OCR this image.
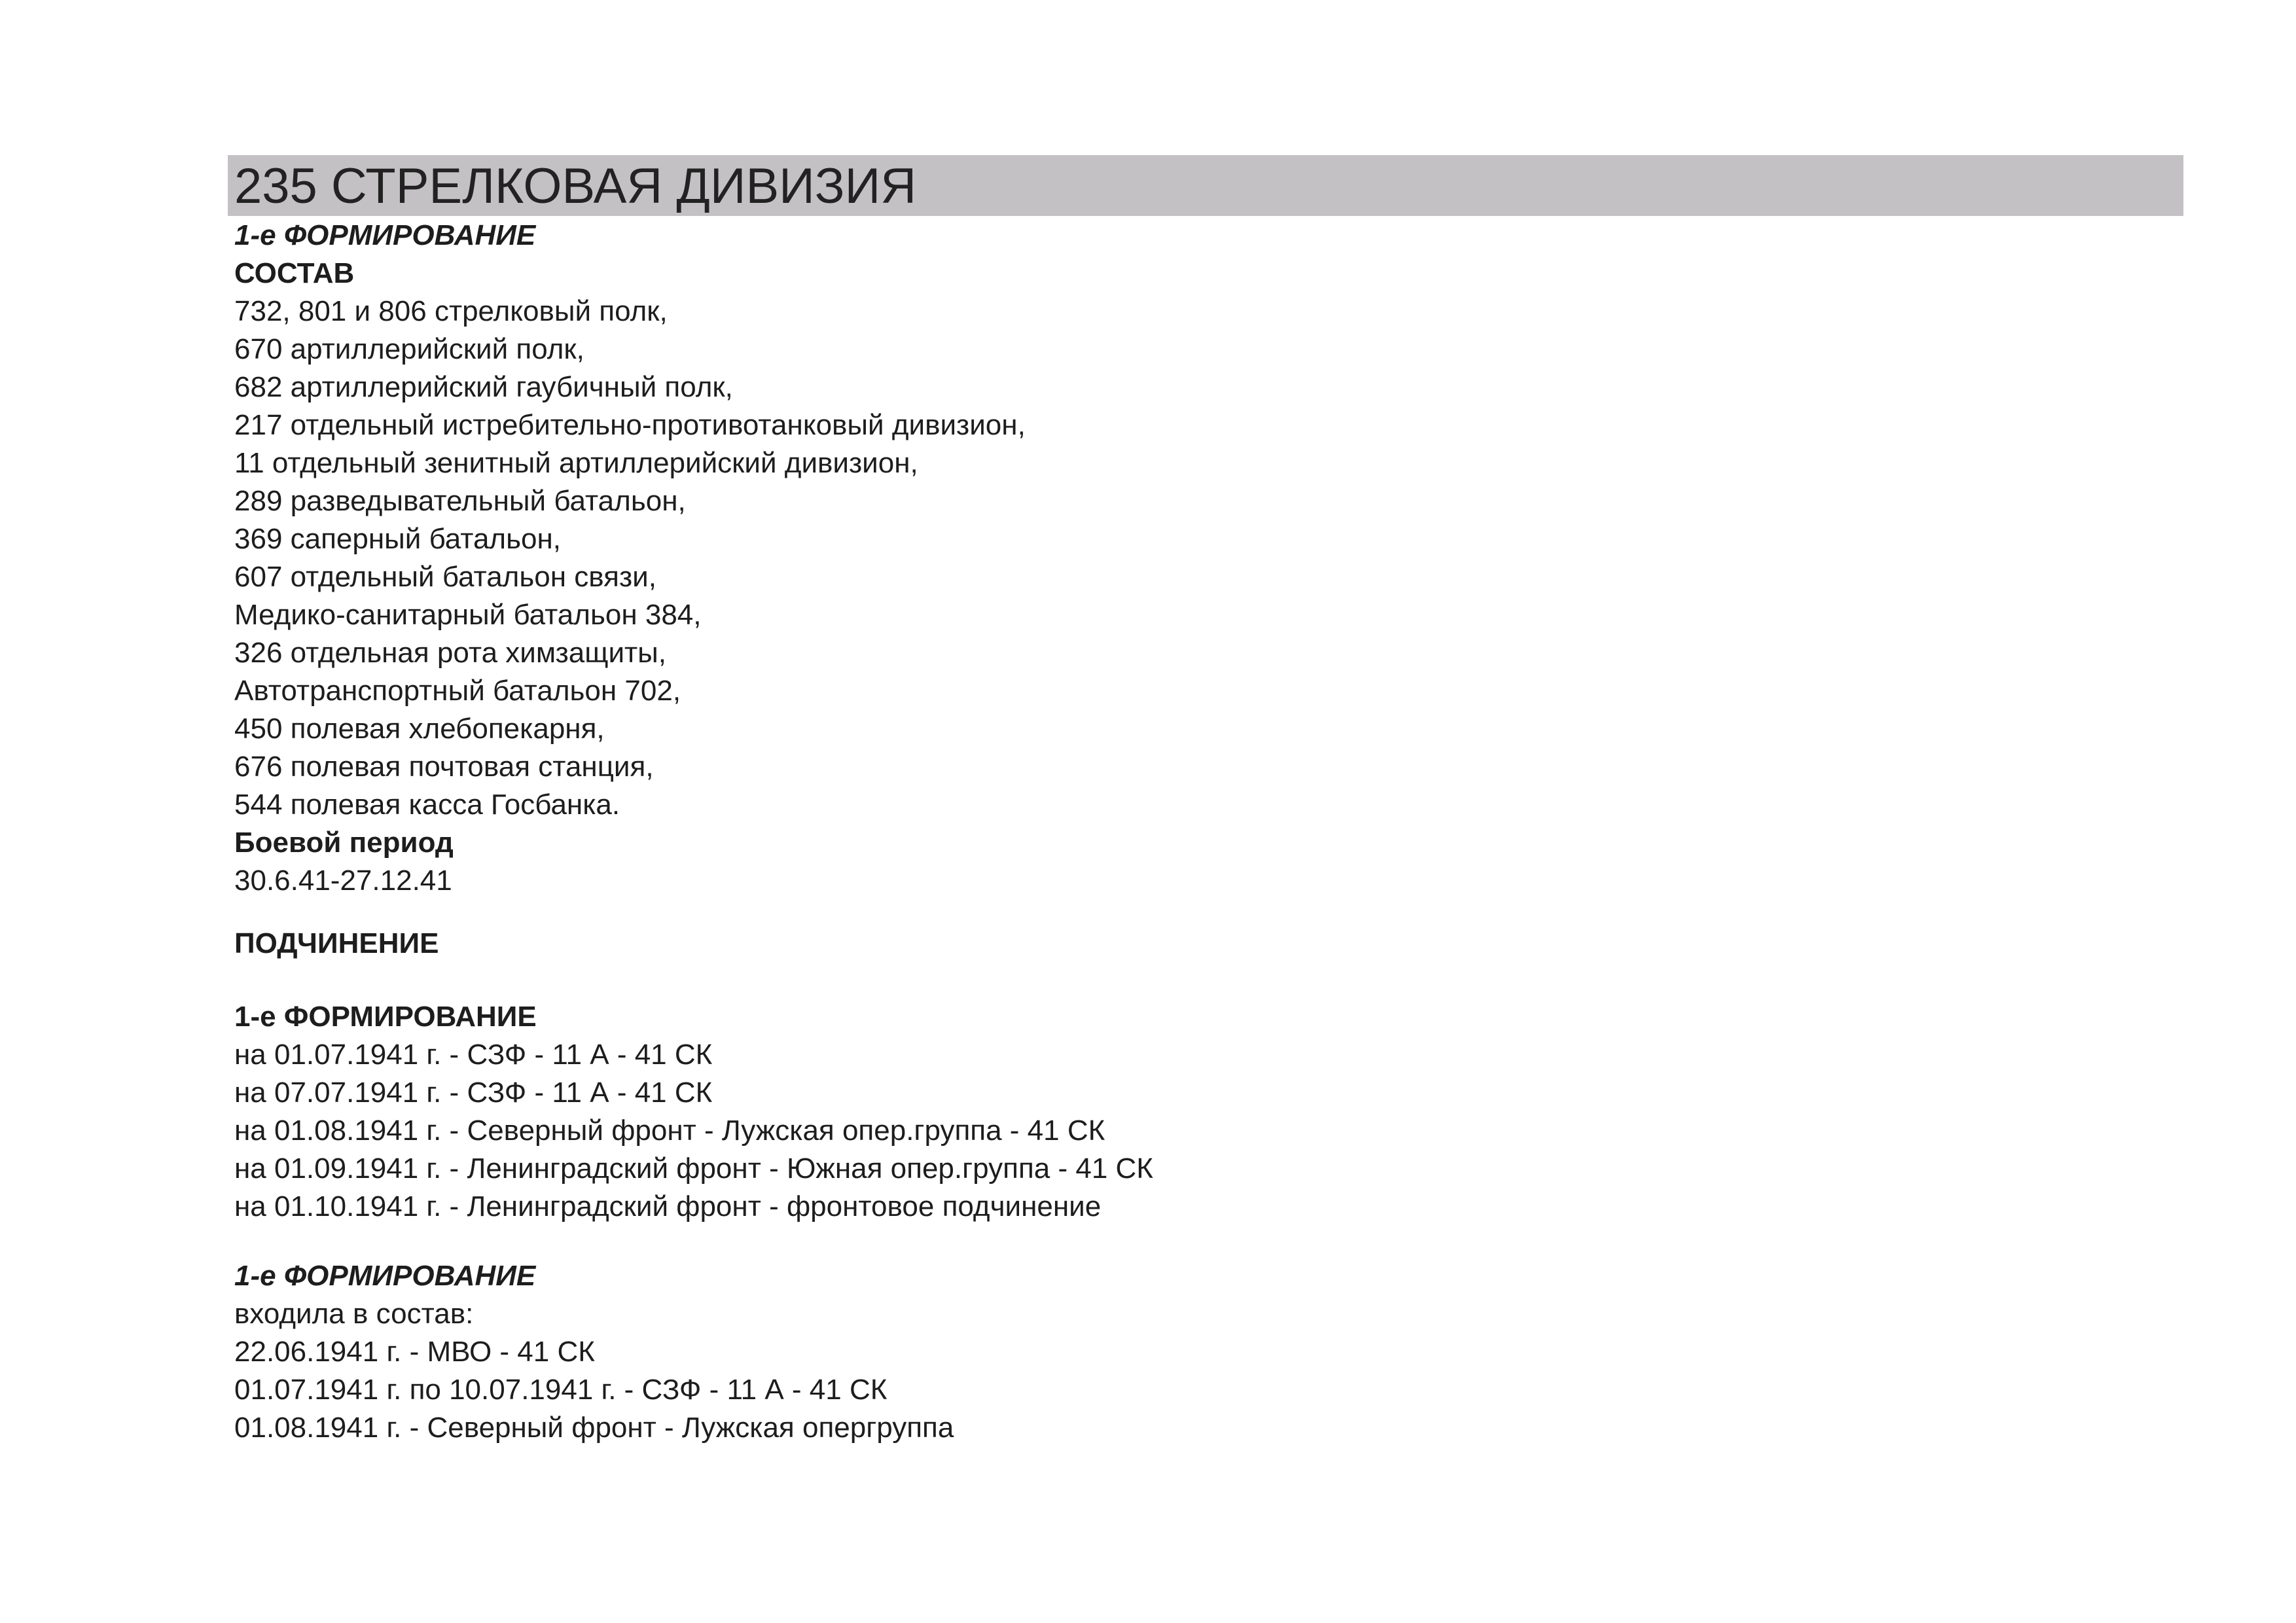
235 СТРЕЛКОВАЯ ДИВИЗИЯ
1-е ФОРМИРОВАНИЕ
СОСТАВ
732, 801 и 806 стрелковый полк,
670 артиллерийский полк,
682 артиллерийский гаубичный полк,
217 отдельный истребительно-противотанковый дивизион,
11 отдельный зенитный артиллерийский дивизион,
289 разведывательный батальон,
369 саперный батальон,
607 отдельный батальон связи,
Медико-санитарный батальон 384,
326 отдельная рота химзащиты,
Автотранспортный батальон 702,
450 полевая хлебопекарня,
676 полевая почтовая станция,
544 полевая касса Госбанка.
Боевой период
30.6.41-27.12.41
ПОДЧИНЕНИЕ
1-е ФОРМИРОВАНИЕ
на 01.07.1941 г. - СЗФ - 11 А - 41 СК
на 07.07.1941 г. - СЗФ - 11 А - 41 СК
на 01.08.1941 г. - Северный фронт - Лужская опер.группа - 41 СК
на 01.09.1941 г. - Ленинградский фронт - Южная опер.группа - 41 СК
на 01.10.1941 г. - Ленинградский фронт - фронтовое подчинение
1-е ФОРМИРОВАНИЕ
входила в состав:
22.06.1941 г. - МВО - 41 СК
01.07.1941 г. по 10.07.1941 г. - СЗФ - 11 А - 41 СК
01.08.1941 г. - Северный фронт - Лужская опергруппа
